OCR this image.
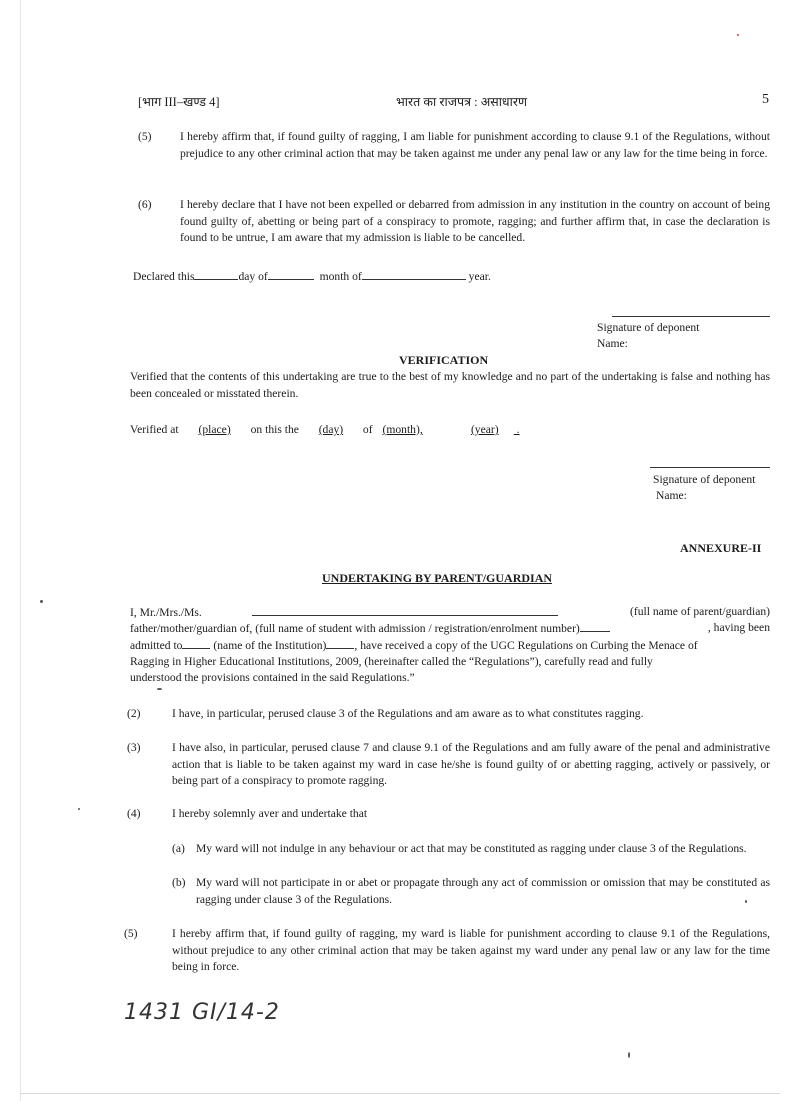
[भाग III–खण्ड 4]	भारत का राजपत्र : असाधारण	5
(5) I hereby affirm that, if found guilty of ragging, I am liable for punishment according to clause 9.1 of the Regulations, without prejudice to any other criminal action that may be taken against me under any penal law or any law for the time being in force.
(6) I hereby declare that I have not been expelled or debarred from admission in any institution in the country on account of being found guilty of, abetting or being part of a conspiracy to promote, ragging; and further affirm that, in case the declaration is found to be untrue, I am aware that my admission is liable to be cancelled.
Declared this	day of	month of	year.
Signature of deponent
Name:
VERIFICATION
Verified that the contents of this undertaking are true to the best of my knowledge and no part of the undertaking is false and nothing has been concealed or misstated therein.
Verified at (place) on this the (day) of (month),	(year) .
Signature of deponent
Name:
ANNEXURE-II
UNDERTAKING BY PARENT/GUARDIAN
I, Mr./Mrs./Ms.	(full name of parent/guardian)
father/mother/guardian of, (full name of student with admission / registration/enrolment number)	, having been
admitted to	(name of the Institution) , have received a copy of the UGC Regulations on Curbing the Menace of
Ragging in Higher Educational Institutions, 2009, (hereinafter called the “Regulations”), carefully read and fully
understood the provisions contained in the said Regulations.”
(2)	I have, in particular, perused clause 3 of the Regulations and am aware as to what constitutes ragging.
(3)	I have also, in particular, perused clause 7 and clause 9.1 of the Regulations and am fully aware of the penal and administrative action that is liable to be taken against my ward in case he/she is found guilty of or abetting ragging, actively or passively, or being part of a conspiracy to promote ragging.
(4)	I hereby solemnly aver and undertake that
(a) My ward will not indulge in any behaviour or act that may be constituted as ragging under clause 3 of the Regulations.
(b) My ward will not participate in or abet or propagate through any act of commission or omission that may be constituted as ragging under clause 3 of the Regulations.
(5)	I hereby affirm that, if found guilty of ragging, my ward is liable for punishment according to clause 9.1 of the Regulations, without prejudice to any other criminal action that may be taken against my ward under any penal law or any law for the time being in force.
1431 GI/14-2
